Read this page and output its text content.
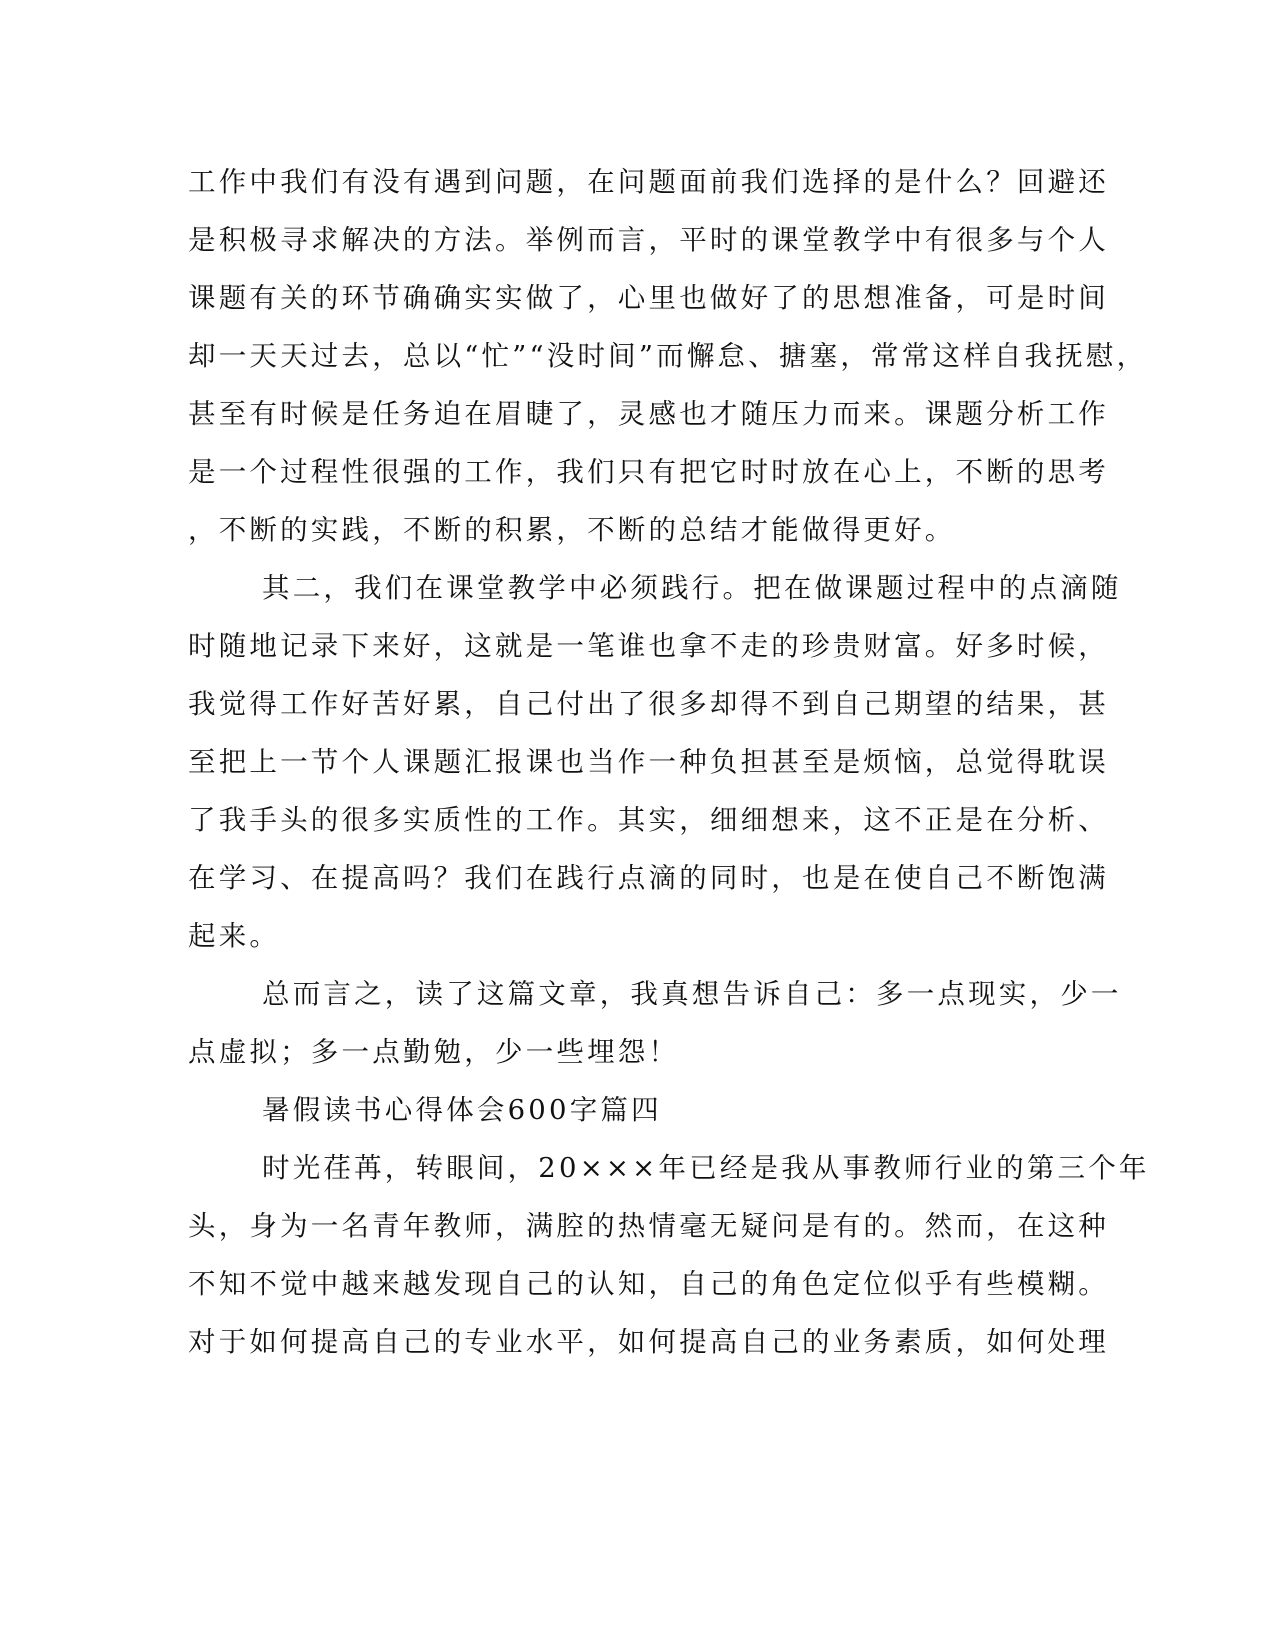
工作中我们有没有遇到问题，在问题面前我们选择的是什么？回避还
是积极寻求解决的方法。举例而言，平时的课堂教学中有很多与个人
课题有关的环节确确实实做了，心里也做好了的思想准备，可是时间
却一天天过去，总以“忙”“没时间”而懈怠、搪塞，常常这样自我抚慰，
甚至有时候是任务迫在眉睫了，灵感也才随压力而来。课题分析工作
是一个过程性很强的工作，我们只有把它时时放在心上，不断的思考
，不断的实践，不断的积累，不断的总结才能做得更好。
其二，我们在课堂教学中必须践行。把在做课题过程中的点滴随
时随地记录下来好，这就是一笔谁也拿不走的珍贵财富。好多时候，
我觉得工作好苦好累，自己付出了很多却得不到自己期望的结果，甚
至把上一节个人课题汇报课也当作一种负担甚至是烦恼，总觉得耽误
了我手头的很多实质性的工作。其实，细细想来，这不正是在分析、
在学习、在提高吗？我们在践行点滴的同时，也是在使自己不断饱满
起来。
总而言之，读了这篇文章，我真想告诉自己：多一点现实，少一
点虚拟；多一点勤勉，少一些埋怨！
暑假读书心得体会600字篇四
时光荏苒，转眼间，20×××年已经是我从事教师行业的第三个年
头，身为一名青年教师，满腔的热情毫无疑问是有的。然而，在这种
不知不觉中越来越发现自己的认知，自己的角色定位似乎有些模糊。
对于如何提高自己的专业水平，如何提高自己的业务素质，如何处理
